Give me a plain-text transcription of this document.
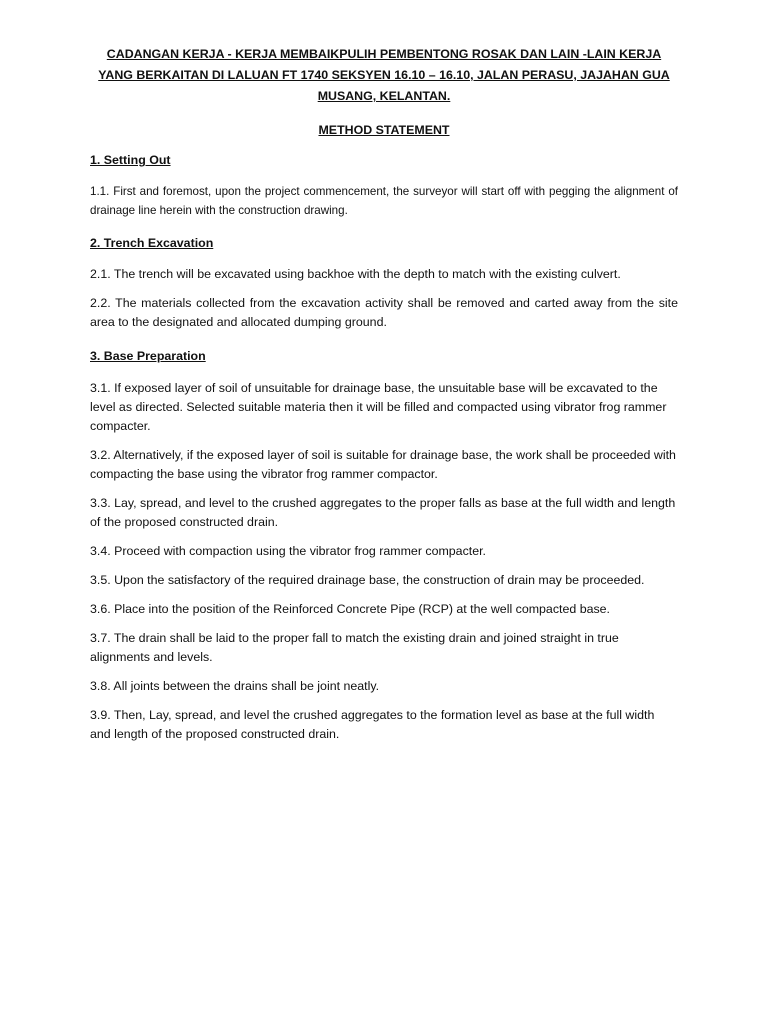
CADANGAN KERJA - KERJA MEMBAIKPULIH PEMBENTONG ROSAK DAN LAIN -LAIN KERJA YANG BERKAITAN DI LALUAN FT 1740 SEKSYEN 16.10 – 16.10, JALAN PERASU, JAJAHAN GUA MUSANG, KELANTAN.

METHOD STATEMENT

1. Setting Out

1.1. First and foremost, upon the project commencement, the surveyor will start off with pegging the alignment of drainage line herein with the construction drawing.

2. Trench Excavation

2.1. The trench will be excavated using backhoe with the depth to match with the existing culvert.

2.2. The materials collected from the excavation activity shall be removed and carted away from the site area to the designated and allocated dumping ground.

3. Base Preparation

3.1. If exposed layer of soil of unsuitable for drainage base, the unsuitable base will be excavated to the level as directed. Selected suitable materia then it will be filled and compacted using vibrator frog rammer compacter.

3.2. Alternatively, if the exposed layer of soil is suitable for drainage base, the work shall be proceeded with compacting the base using the vibrator frog rammer compactor.

3.3. Lay, spread, and level to the crushed aggregates to the proper falls as base at the full width and length of the proposed constructed drain.

3.4. Proceed with compaction using the vibrator frog rammer compacter.

3.5. Upon the satisfactory of the required drainage base, the construction of drain may be proceeded.

3.6. Place into the position of the Reinforced Concrete Pipe (RCP) at the well compacted base.

3.7. The drain shall be laid to the proper fall to match the existing drain and joined straight in true alignments and levels.

3.8. All joints between the drains shall be joint neatly.

3.9. Then, Lay, spread, and level the crushed aggregates to the formation level as base at the full width and length of the proposed constructed drain.
